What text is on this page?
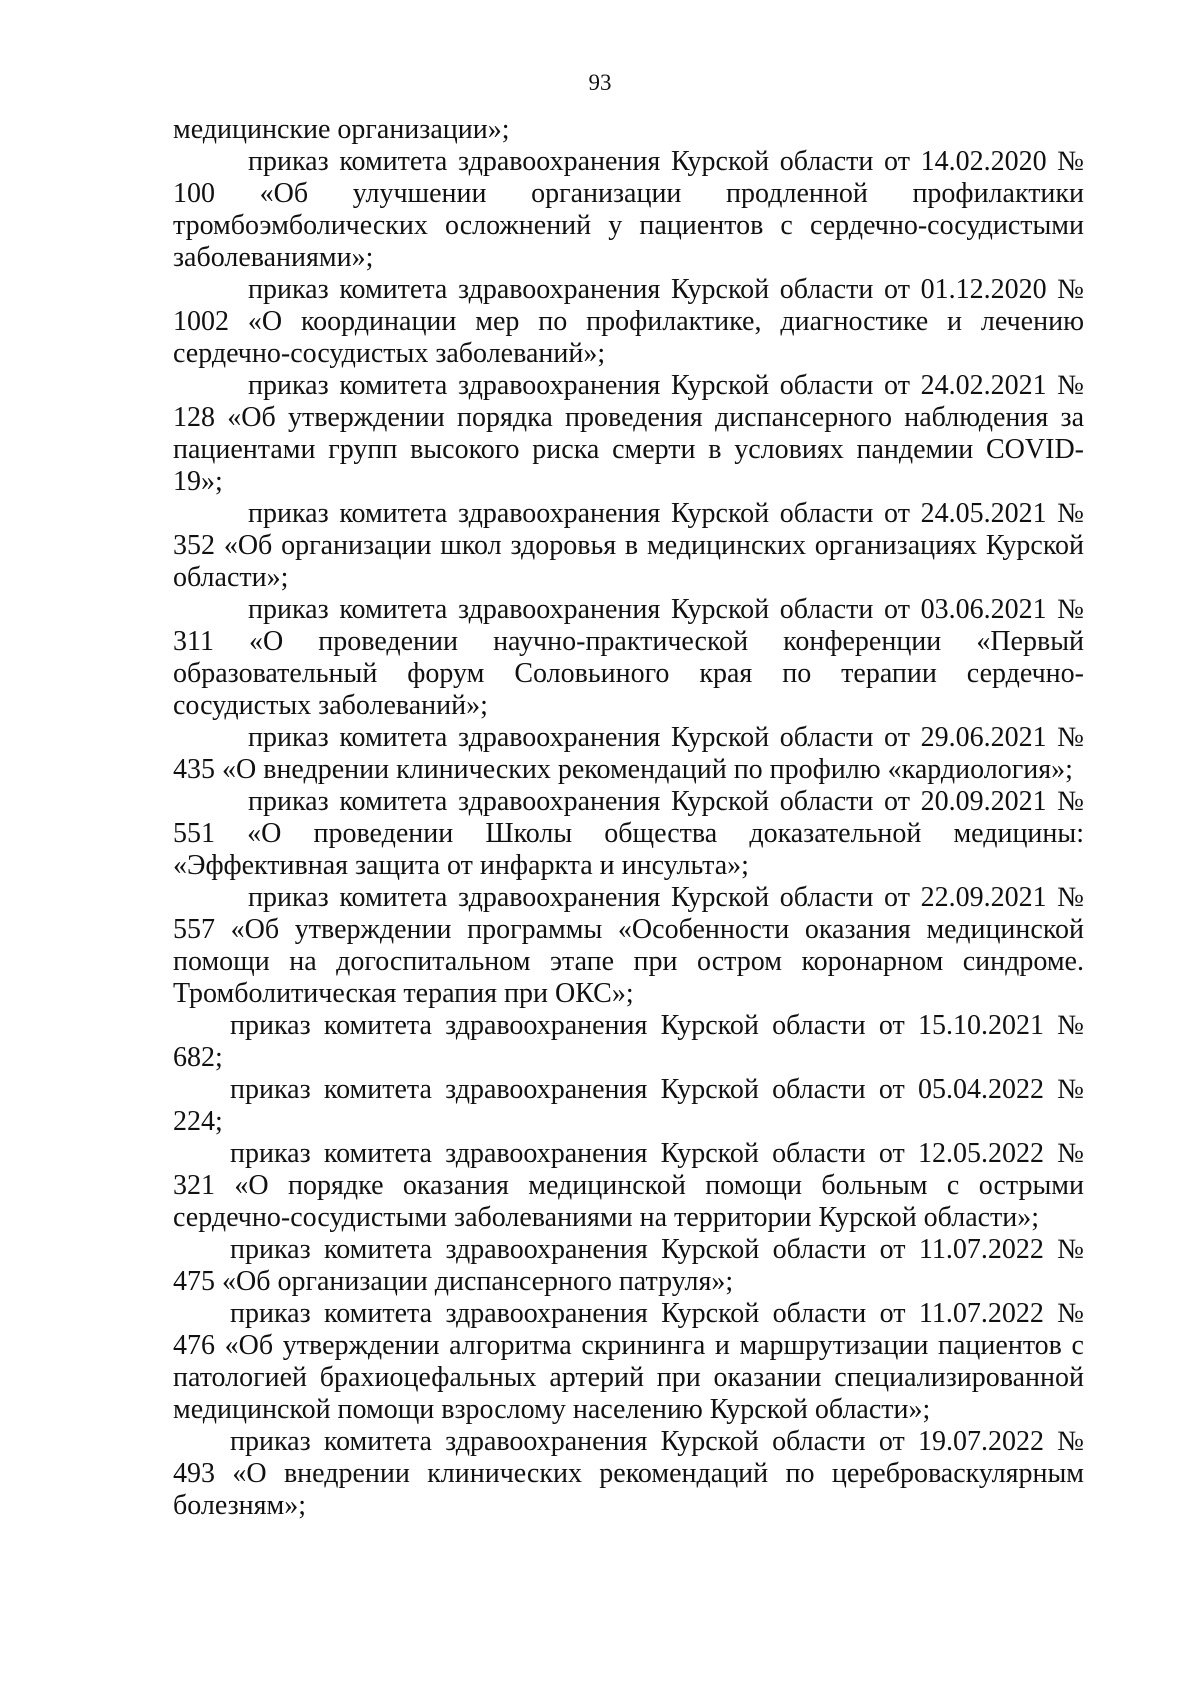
93

медицинские организации»;

приказ комитета здравоохранения Курской области от 14.02.2020 № 100 «Об улучшении организации продленной профилактики тромбоэмболических осложнений у пациентов с сердечно-сосудистыми заболеваниями»;

приказ комитета здравоохранения Курской области от 01.12.2020 № 1002 «О координации мер по профилактике, диагностике и лечению сердечно-сосудистых заболеваний»;

приказ комитета здравоохранения Курской области от 24.02.2021 № 128 «Об утверждении порядка проведения диспансерного наблюдения за пациентами групп высокого риска смерти в условиях пандемии COVID-19»;

приказ комитета здравоохранения Курской области от 24.05.2021 № 352 «Об организации школ здоровья в медицинских организациях Курской области»;

приказ комитета здравоохранения Курской области от 03.06.2021 № 311 «О проведении научно-практической конференции «Первый образовательный форум Соловьиного края по терапии сердечно-сосудистых заболеваний»;

приказ комитета здравоохранения Курской области от 29.06.2021 № 435 «О внедрении клинических рекомендаций по профилю «кардиология»;

приказ комитета здравоохранения Курской области от 20.09.2021 № 551 «О проведении Школы общества доказательной медицины: «Эффективная защита от инфаркта и инсульта»;

приказ комитета здравоохранения Курской области от 22.09.2021 № 557 «Об утверждении программы «Особенности оказания медицинской помощи на догоспитальном этапе при остром коронарном синдроме. Тромболитическая терапия при ОКС»;

приказ комитета здравоохранения Курской области от 15.10.2021 № 682;

приказ комитета здравоохранения Курской области от 05.04.2022 № 224;

приказ комитета здравоохранения Курской области от 12.05.2022 № 321 «О порядке оказания медицинской помощи больным с острыми сердечно-сосудистыми заболеваниями на территории Курской области»;

приказ комитета здравоохранения Курской области от 11.07.2022 № 475 «Об организации диспансерного патруля»;

приказ комитета здравоохранения Курской области от 11.07.2022 № 476 «Об утверждении алгоритма скрининга и маршрутизации пациентов с патологией брахиоцефальных артерий при оказании специализированной медицинской помощи взрослому населению Курской области»;

приказ комитета здравоохранения Курской области от 19.07.2022 № 493 «О внедрении клинических рекомендаций по цереброваскулярным болезням»;
